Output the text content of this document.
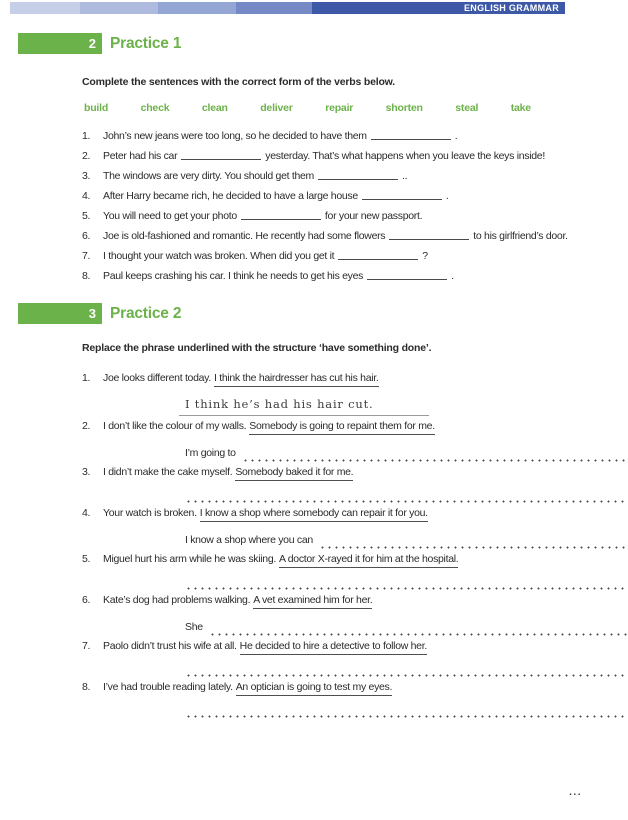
ENGLISH GRAMMAR
2 Practice 1
Complete the sentences with the correct form of the verbs below.
build	check	clean	deliver	repair	shorten	steal	take
1.	John’s new jeans were too long, so he decided to have them	.
2.	Peter had his car	yesterday. That’s what happens when you leave the keys inside!
3.	The windows are very dirty. You should get them	..
4.	After Harry became rich, he decided to have a large house	.
5.	You will need to get your photo	for your new passport.
6.	Joe is old-fashioned and romantic. He recently had some flowers	to his girlfriend’s door.
7.	I thought your watch was broken. When did you get it	?
8.	Paul keeps crashing his car. I think he needs to get his eyes	.
3 Practice 2
Replace the phrase underlined with the structure ‘have something done’.
1.	Joe looks different today. I think the hairdresser has cut his hair.
I think he’s had his hair cut.
2.	I don’t like the colour of my walls. Somebody is going to repaint them for me.
I’m going to
3.	I didn’t make the cake myself. Somebody baked it for me.
4.	Your watch is broken. I know a shop where somebody can repair it for you.
I know a shop where you can
5.	Miguel hurt his arm while he was skiing. A doctor X-rayed it for him at the hospital.
6.	Kate’s dog had problems walking. A vet examined him for her.
She
7.	Paolo didn’t trust his wife at all. He decided to hire a detective to follow her.
8.	I’ve had trouble reading lately. An optician is going to test my eyes.
...
